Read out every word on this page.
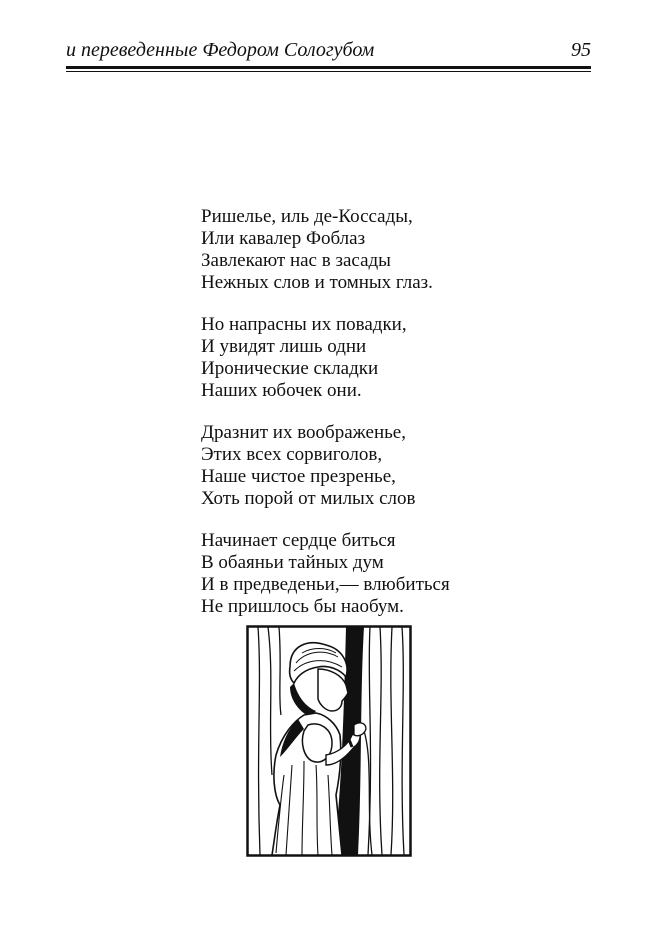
и переведенные Федором Сологубом	95
Ришелье, иль де-Коссады,
Или кавалер Фоблаз
Завлекают нас в засады
Нежных слов и томных глаз.
Но напрасны их повадки,
И увидят лишь одни
Иронические складки
Наших юбочек они.
Дразнит их воображенье,
Этих всех сорвиголов,
Наше чистое презренье,
Хоть порой от милых слов
Начинает сердце биться
В обаяньи тайных дум
И в предведеньи,— влюбиться
Не пришлось бы наобум.
